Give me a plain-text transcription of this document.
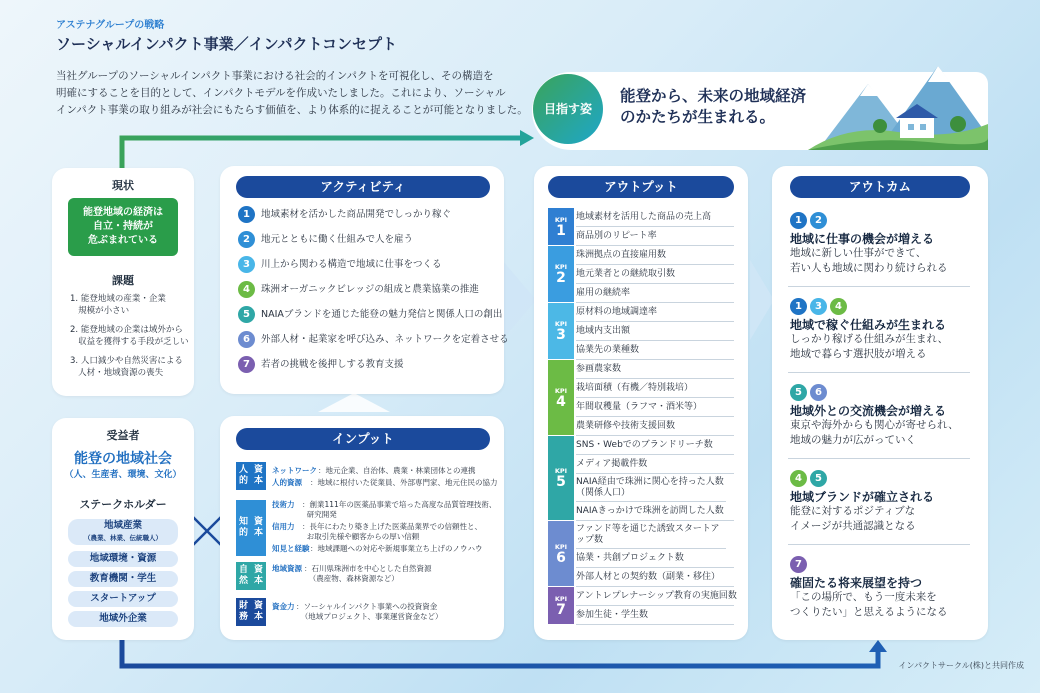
アステナグループの戦略
ソーシャルインパクト事業／インパクトコンセプト
当社グループのソーシャルインパクト事業における社会的インパクトを可視化し、その構造を
明確にすることを目的として、インパクトモデルを作成いたしました。これにより、ソーシャル
インパクト事業の取り組みが社会にもたらす価値を、より体系的に捉えることが可能となりました。	目指す姿
能登から、未来の地域経済
のかたちが生まれる。
現状
能登地域の経済は
自立・持続が
危ぶまれている
課題
1. 能登地域の産業・企業
規模が小さい
2. 能登地域の企業は域外から
収益を獲得する手段が乏しい
3. 人口減少や自然災害による
人材・地域資源の喪失
受益者
能登の地域社会
（人、生産者、環境、文化）
ステークホルダー
地域産業
（農業、林業、伝統職人）
地域環境・資源
教育機関・学生
スタートアップ
地域外企業
アクティビティ
1 地域素材を活かした商品開発でしっかり稼ぐ
2 地元とともに働く仕組みで人を雇う
3 川上から関わる構造で地域に仕事をつくる
4 珠洲オーガニックビレッジの組成と農業協業の推進
5 NAIAブランドを通じた能登の魅力発信と関係人口の創出
6 外部人材・起業家を呼び込み、ネットワークを定着させる
7 若者の挑戦を後押しする教育支援
インプット
人的

資本
ネットワーク ：地元企業、自治体、農業・林業団体との連携
人的資源 ：地域に根付いた従業員、外部専門家、地元住民の協力
知的

資本
技術力 ：創業111年の医薬品事業で培った高度な品質管理技術、
研究開発
信用力 ：長年にわたり築き上げた医薬品業界での信頼性と、
お取引先様や顧客からの厚い信頼
知見と経験 ：地域課題への対応や新規事業立ち上げのノウハウ
自然

資本
地域資源 ：石川県珠洲市を中心とした自然資源
（農産物、森林資源など）
財務

資本
資金力 ：ソーシャルインパクト事業への投資資金
（地域プロジェクト、事業運営資金など）
アウトプット
KPI
1
地域素材を活用した商品の売上高
商品別のリピート率
KPI
2
珠洲拠点の直接雇用数
地元業者との継続取引数
雇用の継続率
KPI
3
原材料の地域調達率
地域内支出額
協業先の業種数
KPI
4
参画農家数
栽培面積（有機／特別栽培）
年間収穫量（ラフマ・酒米等）
農業研修や技術支援回数
KPI
5
SNS・Webでのブランドリーチ数
メディア掲載件数
NAIA経由で珠洲に関心を持った人数（関係人口）
NAIAきっかけで珠洲を訪問した人数
KPI
6
ファンド等を通じた誘致スタートアップ数
協業・共創プロジェクト数
外部人材との契約数（副業・移住）
KPI
7
アントレプレナーシップ教育の実施回数
参加生徒・学生数
アウトカム
1 2
地域に仕事の機会が増える
地域に新しい仕事ができて、
若い人も地域に関わり続けられる
1 3 4
地域で稼ぐ仕組みが生まれる
しっかり稼げる仕組みが生まれ、
地域で暮らす選択肢が増える
5 6
地域外との交流機会が増える
東京や海外からも関心が寄せられ、
地域の魅力が広がっていく
4 5
地域ブランドが確立される
能登に対するポジティブな
イメージが共通認識となる
7
確固たる将来展望を持つ
「この場所で、もう一度未来を
つくりたい」と思えるようになる
インパクトサークル(株)と共同作成
